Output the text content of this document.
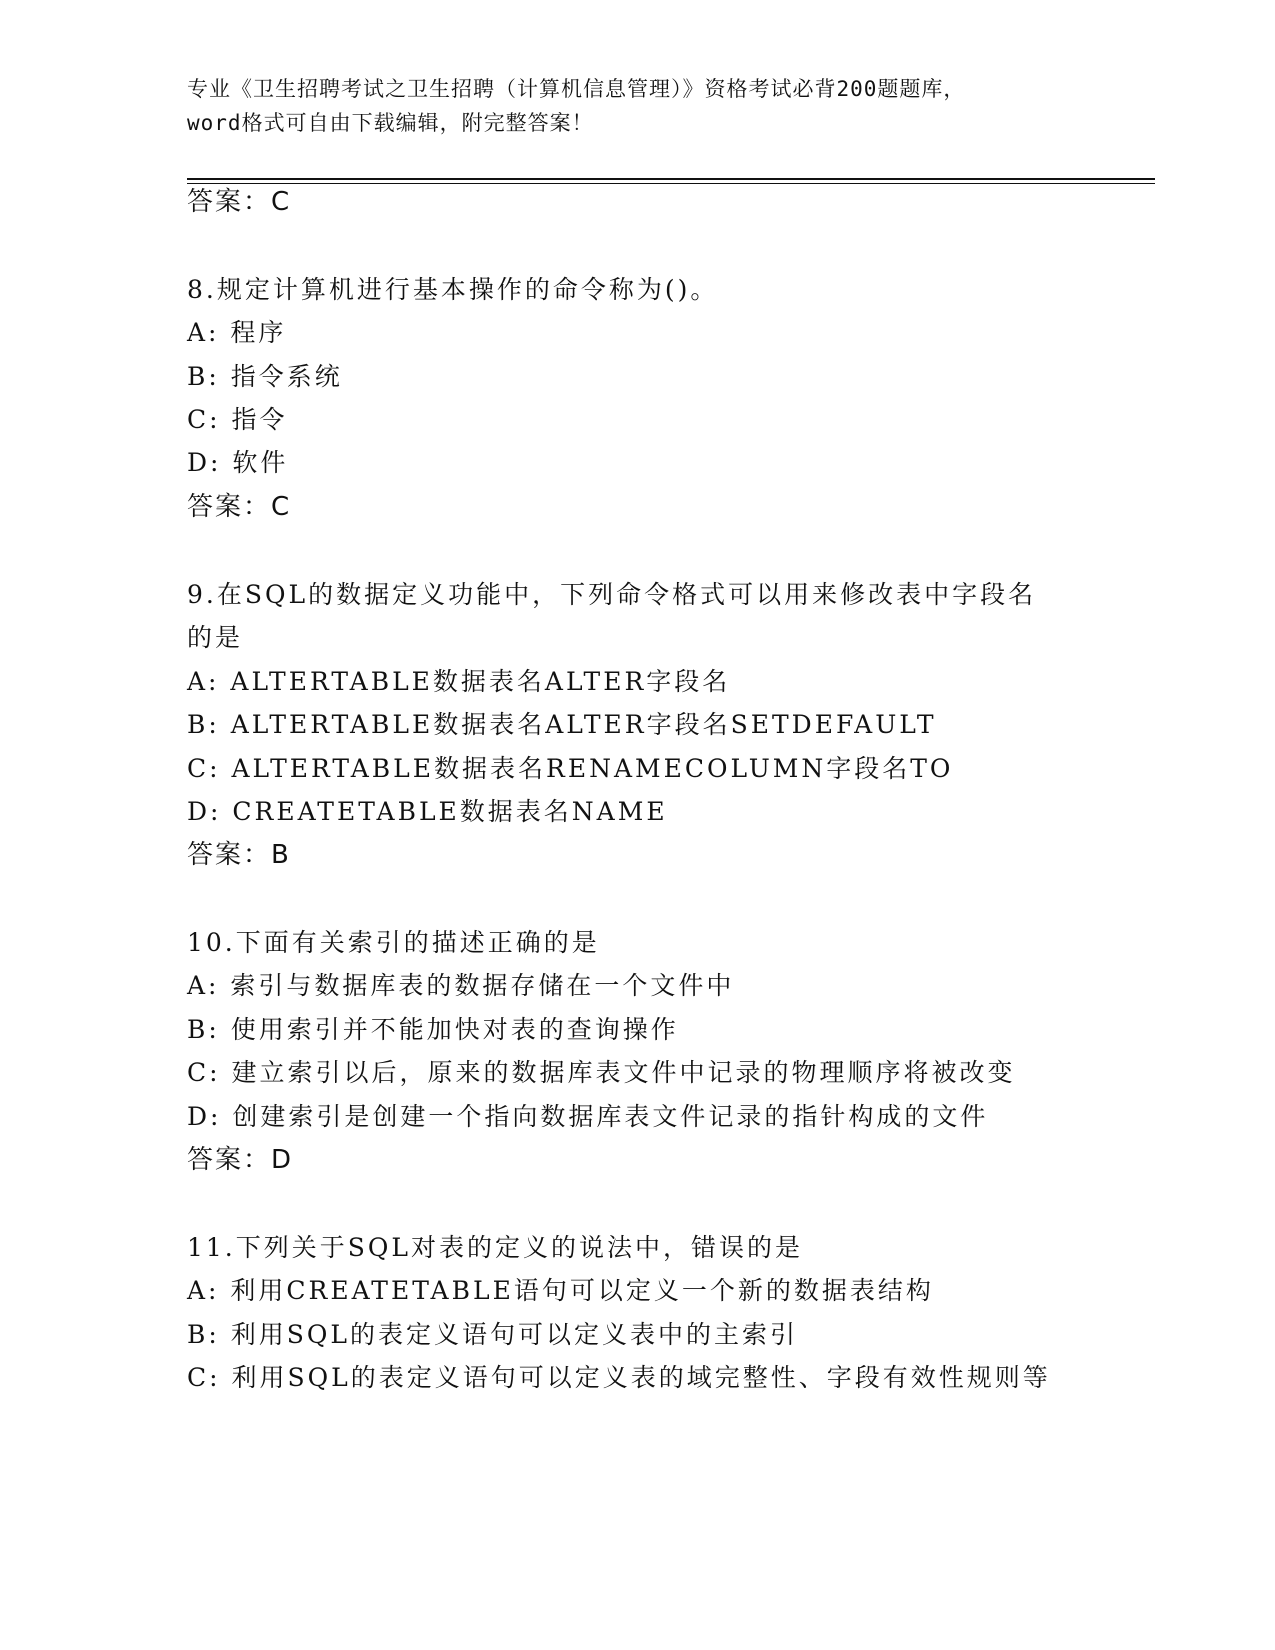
专业《卫生招聘考试之卫生招聘（计算机信息管理）》资格考试必背200题题库，
word格式可自由下载编辑，附完整答案！
答案：C
8.规定计算机进行基本操作的命令称为()。
A: 程序
B: 指令系统
C: 指令
D: 软件
答案：C
9.在SQL的数据定义功能中，下列命令格式可以用来修改表中字段名
的是
A: ALTERTABLE数据表名ALTER字段名
B: ALTERTABLE数据表名ALTER字段名SETDEFAULT
C: ALTERTABLE数据表名RENAMECOLUMN字段名TO
D: CREATETABLE数据表名NAME
答案：B
10.下面有关索引的描述正确的是
A: 索引与数据库表的数据存储在一个文件中
B: 使用索引并不能加快对表的查询操作
C: 建立索引以后，原来的数据库表文件中记录的物理顺序将被改变
D: 创建索引是创建一个指向数据库表文件记录的指针构成的文件
答案：D
11.下列关于SQL对表的定义的说法中，错误的是
A: 利用CREATETABLE语句可以定义一个新的数据表结构
B: 利用SQL的表定义语句可以定义表中的主索引
C: 利用SQL的表定义语句可以定义表的域完整性、字段有效性规则等
